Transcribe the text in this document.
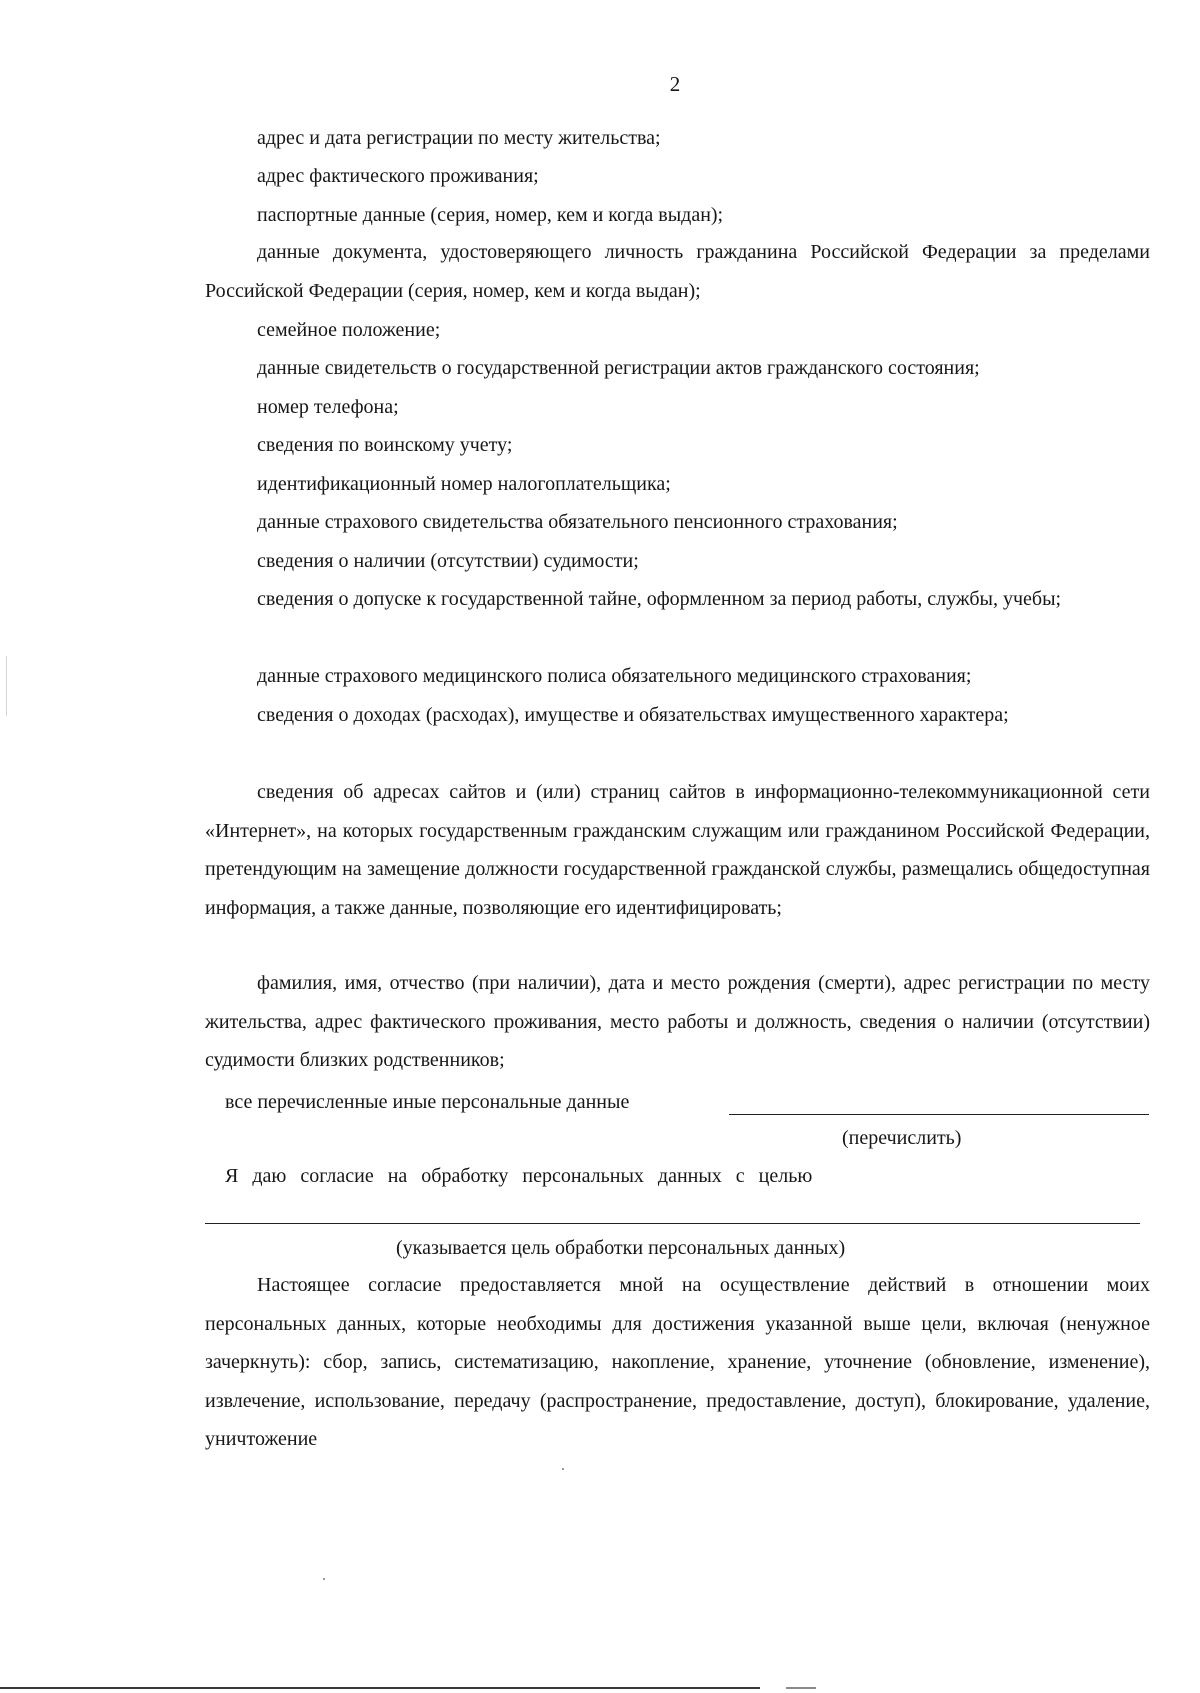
2
адрес и дата регистрации по месту жительства;
адрес фактического проживания;
паспортные данные (серия, номер, кем и когда выдан);
данные документа, удостоверяющего личность гражданина Российской Федерации за пределами Российской Федерации (серия, номер, кем и когда выдан);
семейное положение;
данные свидетельств о государственной регистрации актов гражданского состояния;
номер телефона;
сведения по воинскому учету;
идентификационный номер налогоплательщика;
данные страхового свидетельства обязательного пенсионного страхования;
сведения о наличии (отсутствии) судимости;
сведения о допуске к государственной тайне, оформленном за период работы, службы, учебы;
данные страхового медицинского полиса обязательного медицинского страхования;
сведения о доходах (расходах), имуществе и обязательствах имущественного характера;
сведения об адресах сайтов и (или) страниц сайтов в информационно-телекоммуникационной сети «Интернет», на которых государственным гражданским служащим или гражданином Российской Федерации, претендующим на замещение должности государственной гражданской службы, размещались общедоступная информация, а также данные, позволяющие его идентифицировать;
фамилия, имя, отчество (при наличии), дата и место рождения (смерти), адрес регистрации по месту жительства, адрес фактического проживания, место работы и должность, сведения о наличии (отсутствии) судимости близких родственников;
все перечисленные иные персональные данные
(перечислить)
Я даю согласие на обработку персональных данных с целью
(указывается цель обработки персональных данных)
Настоящее согласие предоставляется мной на осуществление действий в отношении моих персональных данных, которые необходимы для достижения указанной выше цели, включая (ненужное зачеркнуть): сбор, запись, систематизацию, накопление, хранение, уточнение (обновление, изменение), извлечение, использование, передачу (распространение, предоставление, доступ), блокирование, удаление, уничтожение
